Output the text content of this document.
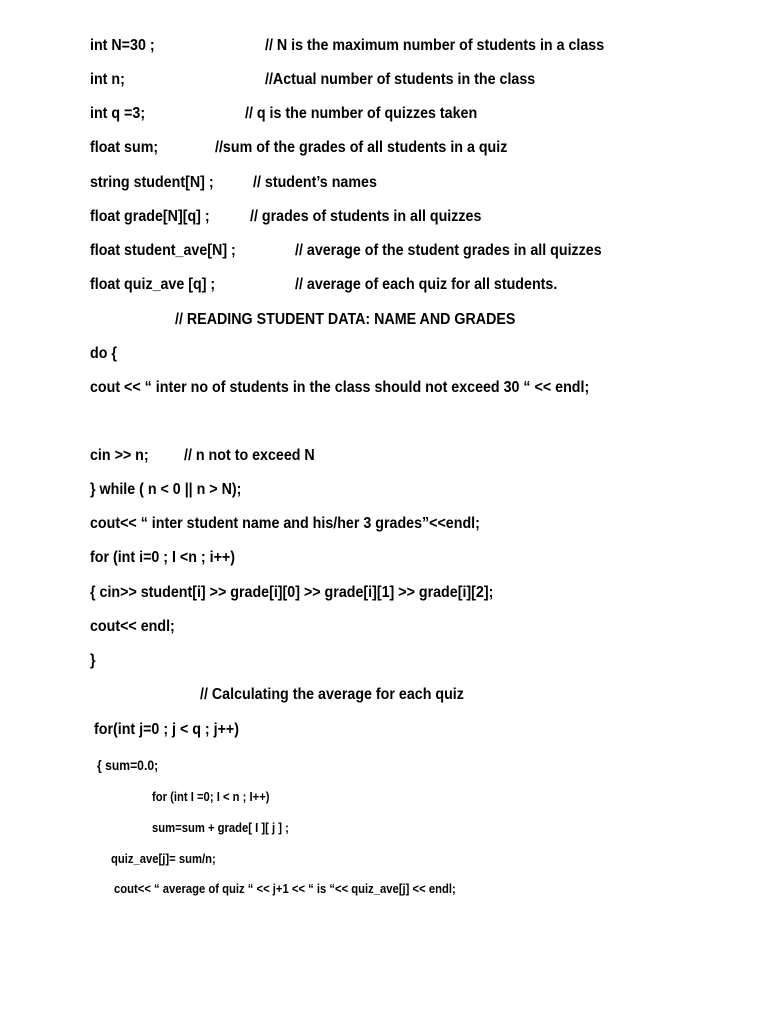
int N=30 ;	// N is the maximum number of students in a class
int n;	//Actual number of students in the class
int q =3;	// q is the number of quizzes taken
float sum;	//sum of the grades of all students in a quiz
string student[N] ;	// student’s names
float grade[N][q] ;	// grades of students in all quizzes
float student_ave[N] ;	// average of the student grades in all quizzes
float quiz_ave [q] ;	// average of each quiz for all students.
// READING STUDENT DATA: NAME AND GRADES
do {
cout << “ inter no of students in the class should not exceed 30 “ << endl;
cin >> n; // n not to exceed N
} while ( n < 0 || n > N);
cout<< “ inter student name and his/her 3 grades”<<endl;
for (int i=0 ; I <n ; i++)
{ cin>> student[i] >> grade[i][0] >> grade[i][1] >> grade[i][2];
cout<< endl;
}
// Calculating the average for each quiz
for(int j=0 ; j < q ; j++)
{ sum=0.0;
for (int I =0; I < n ; I++)
sum=sum + grade[ I ][ j ] ;
quiz_ave[j]= sum/n;
cout<< “ average of quiz “ << j+1 << “ is “<< quiz_ave[j] << endl;
